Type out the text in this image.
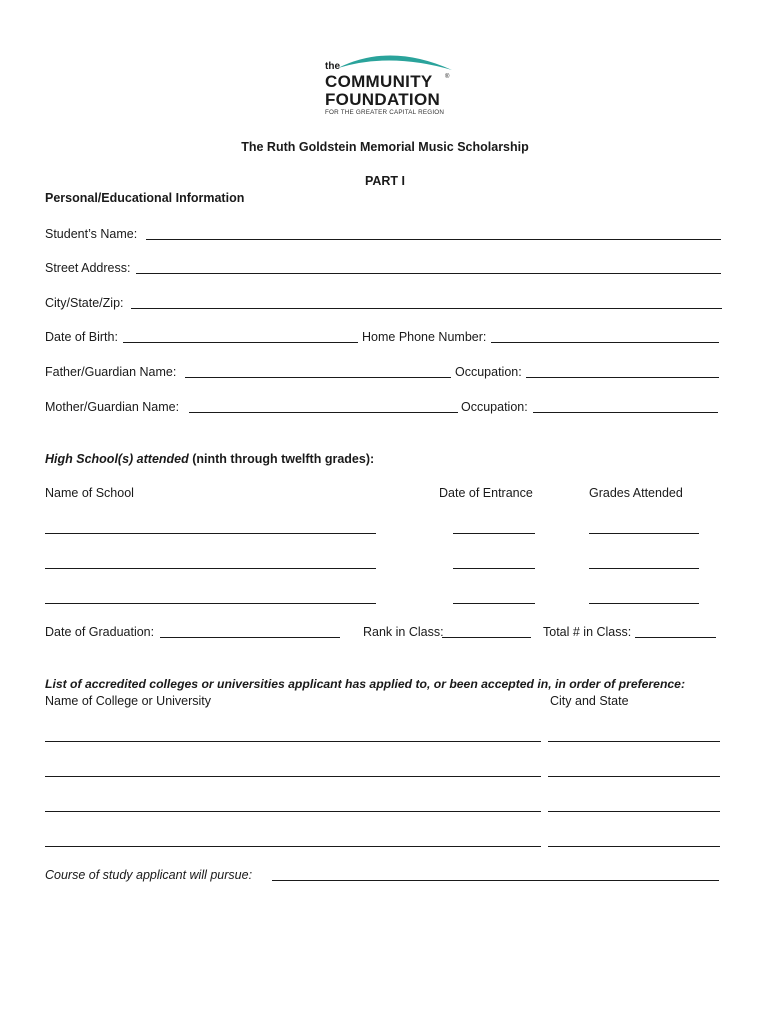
the
COMMUNITY ®
FOUNDATION
FOR THE GREATER CAPITAL REGION
The Ruth Goldstein Memorial Music Scholarship
PART I
Personal/Educational Information
Student’s Name:
Street Address:
City/State/Zip:
Date of Birth:	Home Phone Number:
Father/Guardian Name:	Occupation:
Mother/Guardian Name:	Occupation:
High School(s) attended (ninth through twelfth grades):
Name of School	Date of Entrance	Grades Attended
Date of Graduation:	Rank in Class:	Total # in Class:
List of accredited colleges or universities applicant has applied to, or been accepted in, in order of preference:
Name of College or University	City and State
Course of study applicant will pursue:
